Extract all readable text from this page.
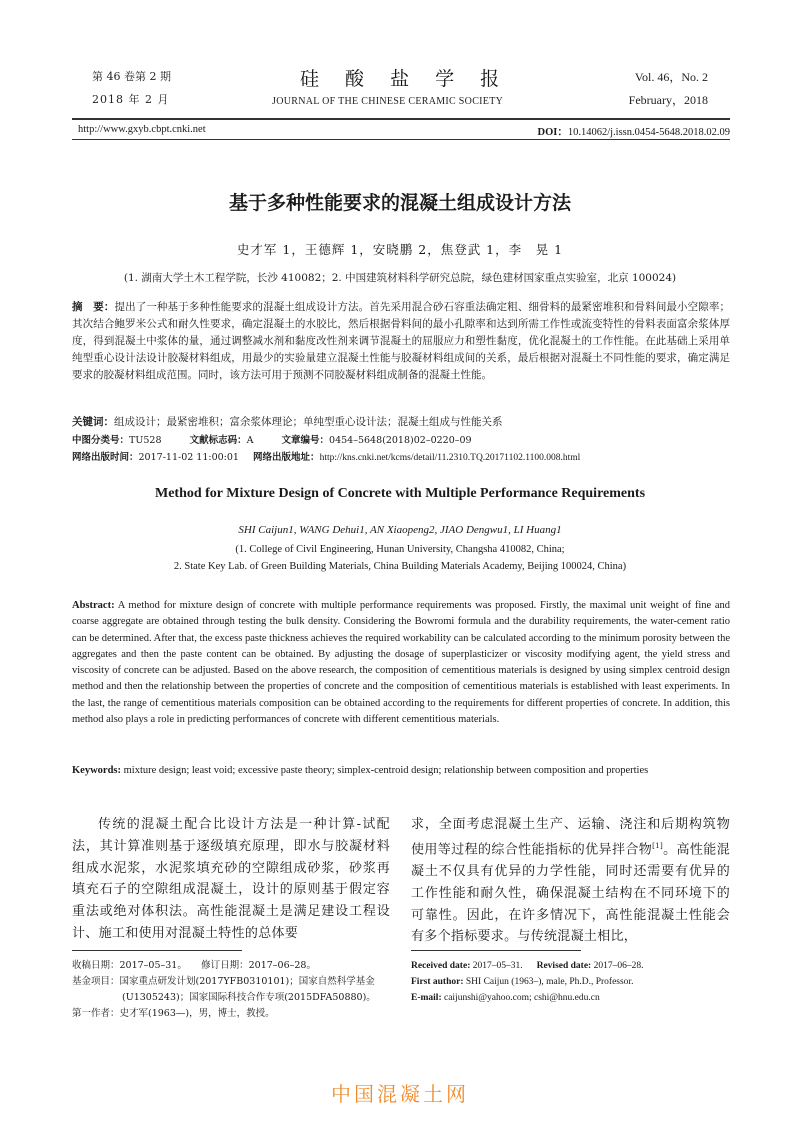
第 46 卷第 2 期
2018 年 2 月
硅 酸 盐 学 报
JOURNAL OF THE CHINESE CERAMIC SOCIETY
Vol. 46，No. 2
February，2018
http://www.gxyb.cbpt.cnki.net	DOI：10.14062/j.issn.0454-5648.2018.02.09
基于多种性能要求的混凝土组成设计方法
史才军 1，王德辉 1，安晓鹏 2，焦登武 1，李　晃 1
(1. 湖南大学土木工程学院，长沙 410082；2. 中国建筑材料科学研究总院，绿色建材国家重点实验室，北京 100024)
摘　要：提出了一种基于多种性能要求的混凝土组成设计方法。首先采用混合砂石容重法确定粗、细骨料的最紧密堆积和骨料间最小空隙率；其次结合鲍罗米公式和耐久性要求，确定混凝土的水胶比，然后根据骨料间的最小孔隙率和达到所需工作性或流变特性的骨料表面富余浆体厚度，得到混凝土中浆体的量，通过调整减水剂和黏度改性剂来调节混凝土的屈服应力和塑性黏度，优化混凝土的工作性能。在此基础上采用单纯型重心设计法设计胶凝材料组成，用最少的实验量建立混凝土性能与胶凝材料组成间的关系，最后根据对混凝土不同性能的要求，确定满足要求的胶凝材料组成范围。同时，该方法可用于预测不同胶凝材料组成制备的混凝土性能。
关键词：组成设计；最紧密堆积；富余浆体理论；单纯型重心设计法；混凝土组成与性能关系
中图分类号：TU528	文献标志码：A	文章编号：0454–5648(2018)02–0220–09
网络出版时间：2017-11-02 11:00:01 网络出版地址：http://kns.cnki.net/kcms/detail/11.2310.TQ.20171102.1100.008.html
Method for Mixture Design of Concrete with Multiple Performance Requirements
SHI Caijun1, WANG Dehui1, AN Xiaopeng2, JIAO Dengwu1, LI Huang1
(1. College of Civil Engineering, Hunan University, Changsha 410082, China;
2. State Key Lab. of Green Building Materials, China Building Materials Academy, Beijing 100024, China)
Abstract: A method for mixture design of concrete with multiple performance requirements was proposed. Firstly, the maximal unit weight of fine and coarse aggregate are obtained through testing the bulk density. Considering the Bowromi formula and the durability requirements, the water-cement ratio can be determined. After that, the excess paste thickness achieves the required workability can be calculated according to the minimum porosity between the aggregates and then the paste content can be obtained. By adjusting the dosage of superplasticizer or viscosity modifying agent, the yield stress and viscosity of concrete can be adjusted. Based on the above research, the composition of cementitious materials is designed by using simplex centroid design method and then the relationship between the properties of concrete and the composition of cementitious materials is established with least experiments. In the last, the range of cementitious materials composition can be obtained according to the requirements for different properties of concrete. In addition, this method also plays a role in predicting performances of concrete with different cementitious materials.
Keywords: mixture design; least void; excessive paste theory; simplex-centroid design; relationship between composition and properties
传统的混凝土配合比设计方法是一种计算-试配法，其计算准则基于逐级填充原理，即水与胶凝材料组成水泥浆，水泥浆填充砂的空隙组成砂浆，砂浆再填充石子的空隙组成混凝土，设计的原则基于假定容重法或绝对体积法。高性能混凝土是满足建设工程设计、施工和使用对混凝土特性的总体要
求，全面考虑混凝土生产、运输、浇注和后期构筑物使用等过程的综合性能指标的优异拌合物[1]。高性能混凝土不仅具有优异的力学性能，同时还需要有优异的工作性能和耐久性，确保混凝土结构在不同环境下的可靠性。因此，在许多情况下，高性能混凝土性能会有多个指标要求。与传统混凝土相比，
收稿日期：2017–05–31。　　修订日期：2017–06–28。
基金项目：国家重点研发计划(2017YFB0310101)；国家自然科学基金
(U1305243)；国家国际科技合作专项(2015DFA50880)。
第一作者：史才军(1963—)，男，博士，教授。
Received date: 2017–05–31. Revised date: 2017–06–28.
First author: SHI Caijun (1963–), male, Ph.D., Professor.
E-mail: caijunshi@yahoo.com; cshi@hnu.edu.cn
中国混凝土网
